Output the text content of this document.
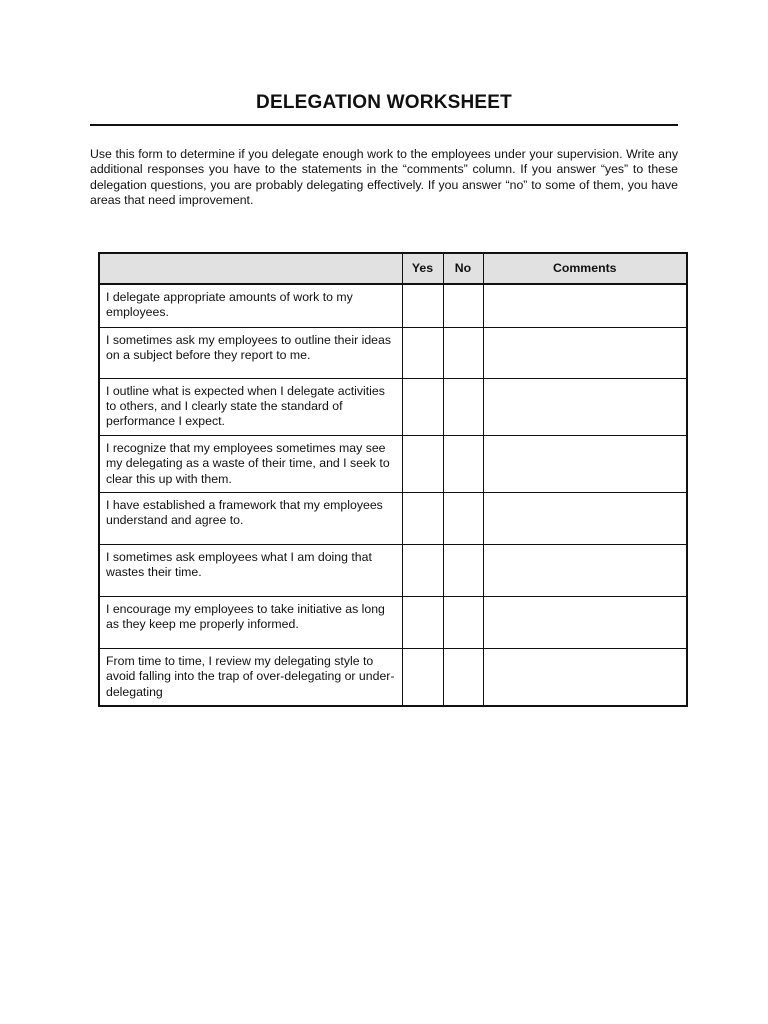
DELEGATION WORKSHEET
Use this form to determine if you delegate enough work to the employees under your supervision. Write any additional responses you have to the statements in the “comments” column. If you answer “yes” to these delegation questions, you are probably delegating effectively. If you answer “no” to some of them, you have areas that need improvement.
	Yes	No	Comments
I delegate appropriate amounts of work to my employees.			
I sometimes ask my employees to outline their ideas on a subject before they report to me.			
I outline what is expected when I delegate activities to others, and I clearly state the standard of performance I expect.			
I recognize that my employees sometimes may see my delegating as a waste of their time, and I seek to clear this up with them.			
I have established a framework that my employees understand and agree to.			
I sometimes ask employees what I am doing that wastes their time.			
I encourage my employees to take initiative as long as they keep me properly informed.			
From time to time, I review my delegating style to avoid falling into the trap of over-delegating or under-delegating			
